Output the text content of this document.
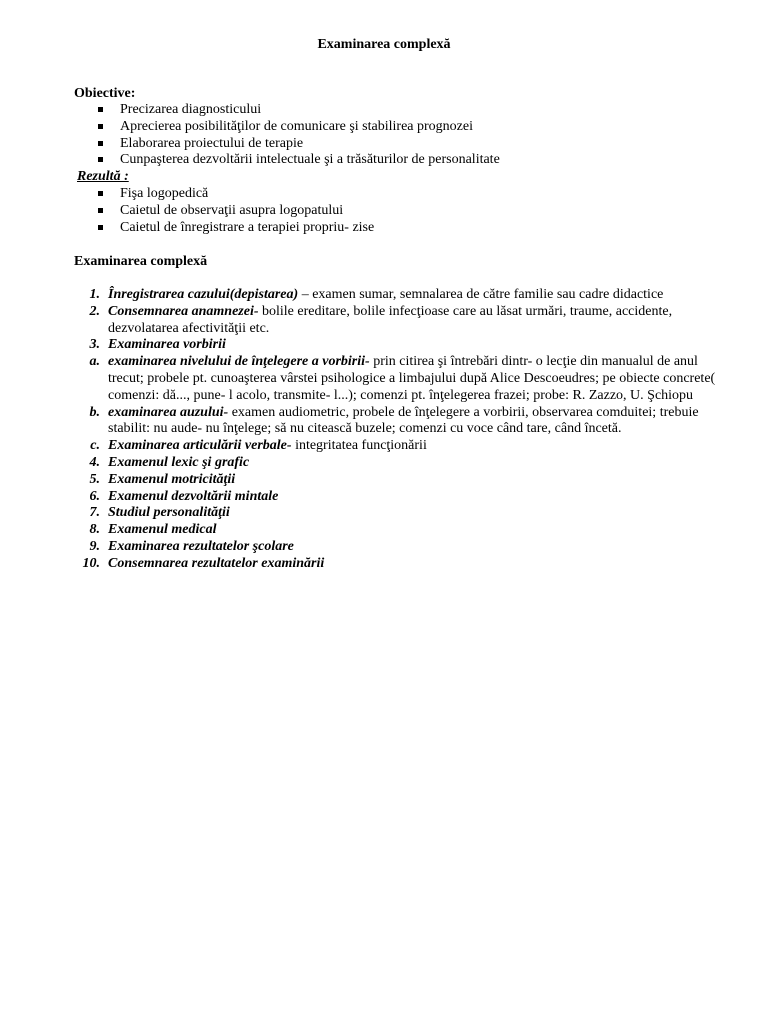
Examinarea complexă
Obiective:
Precizarea diagnosticului
Aprecierea posibilităţilor de comunicare şi stabilirea prognozei
Elaborarea proiectului de terapie
Cunpaşterea dezvoltării intelectuale şi a trăsăturilor de personalitate
Rezultă :
Fişa logopedică
Caietul de observaţii asupra logopatului
Caietul de înregistrare a terapiei propriu- zise
Examinarea complexă
1. Înregistrarea cazului(depistarea) – examen sumar, semnalarea de către familie sau cadre didactice
2. Consemnarea anamnezei- bolile ereditare, bolile infecţioase care au lăsat urmări, traume, accidente, dezvolatarea afectivităţii etc.
3. Examinarea vorbirii
a. examinarea nivelului de înţelegere a vorbirii- prin citirea şi întrebări dintr- o lecţie din manualul de anul trecut; probele pt. cunoaşterea vârstei psihologice a limbajului după Alice Descoeudres; pe obiecte concrete( comenzi: dă..., pune- l acolo, transmite- l...); comenzi pt. înţelegerea frazei; probe: R. Zazzo, U. Şchiopu
b. examinarea auzului- examen audiometric, probele de înţelegere a vorbirii, observarea comduitei; trebuie stabilit: nu aude- nu înţelege; să nu citească buzele; comenzi cu voce când tare, când încetă.
c. Examinarea articulării verbale- integritatea funcţionării
4. Examenul lexic şi grafic
5. Examenul motricităţii
6. Examenul dezvoltării mintale
7. Studiul personalităţii
8. Examenul medical
9. Examinarea rezultatelor şcolare
10. Consemnarea rezultatelor examinării
